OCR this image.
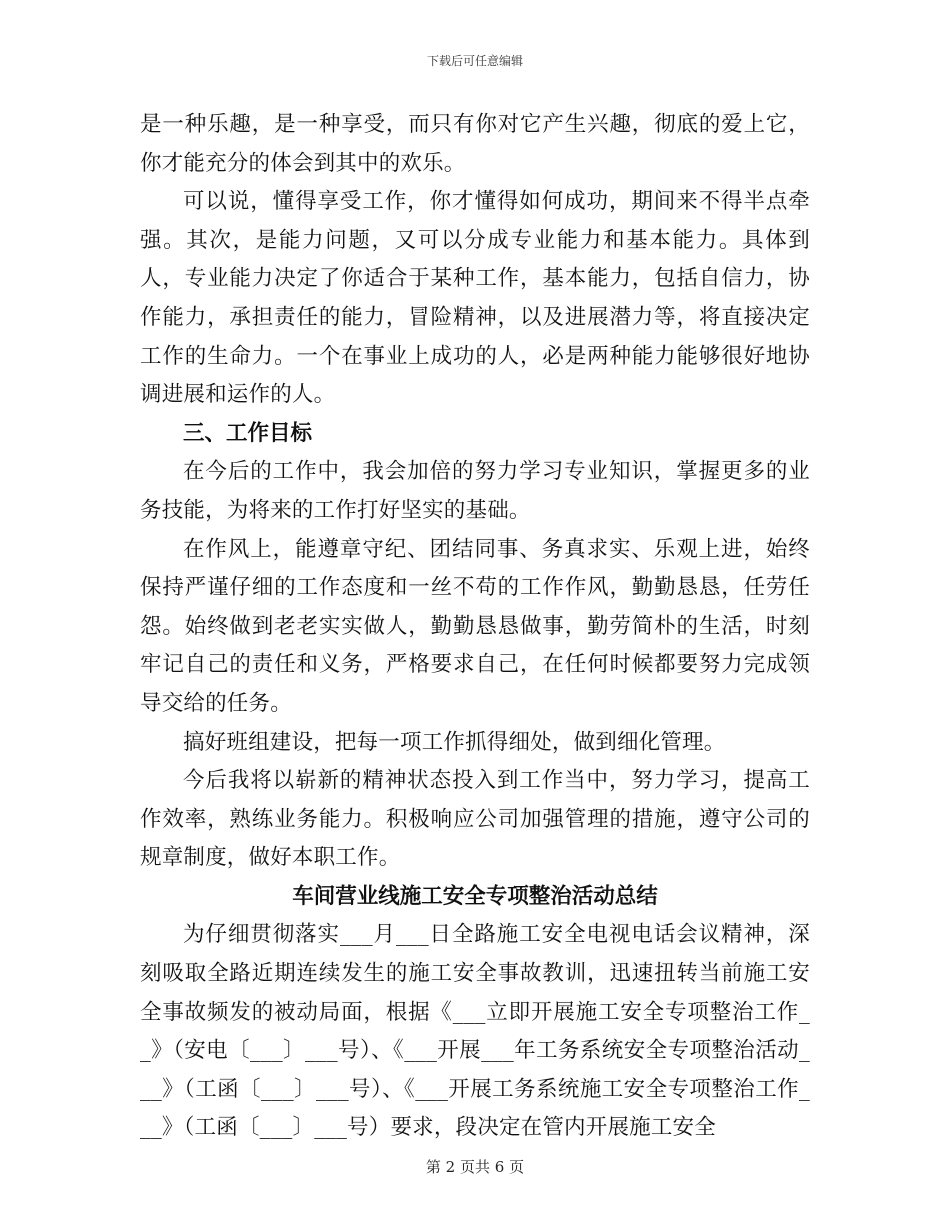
下载后可任意编辑

是一种乐趣，是一种享受，而只有你对它产生兴趣，彻底的爱上它，你才能充分的体会到其中的欢乐。

可以说，懂得享受工作，你才懂得如何成功，期间来不得半点牵强。其次，是能力问题，又可以分成专业能力和基本能力。具体到人，专业能力决定了你适合于某种工作，基本能力，包括自信力，协作能力，承担责任的能力，冒险精神，以及进展潜力等，将直接决定工作的生命力。一个在事业上成功的人，必是两种能力能够很好地协调进展和运作的人。

三、工作目标

在今后的工作中，我会加倍的努力学习专业知识，掌握更多的业务技能，为将来的工作打好坚实的基础。

在作风上，能遵章守纪、团结同事、务真求实、乐观上进，始终保持严谨仔细的工作态度和一丝不苟的工作作风，勤勤恳恳，任劳任怨。始终做到老老实实做人，勤勤恳恳做事，勤劳简朴的生活，时刻牢记自己的责任和义务，严格要求自己，在任何时候都要努力完成领导交给的任务。

搞好班组建设，把每一项工作抓得细处，做到细化管理。

今后我将以崭新的精神状态投入到工作当中，努力学习，提高工作效率，熟练业务能力。积极响应公司加强管理的措施，遵守公司的规章制度，做好本职工作。

车间营业线施工安全专项整治活动总结

为仔细贯彻落实___月___日全路施工安全电视电话会议精神，深刻吸取全路近期连续发生的施工安全事故教训，迅速扭转当前施工安全事故频发的被动局面，根据《___立即开展施工安全专项整治工作__》（安电〔___〕___号）、《___开展___年工务系统安全专项整治活动___》（工函〔___〕___号）、《___开展工务系统施工安全专项整治工作___》（工函〔___〕___号）要求，段决定在管内开展施工安全

第 2 页共 6 页
